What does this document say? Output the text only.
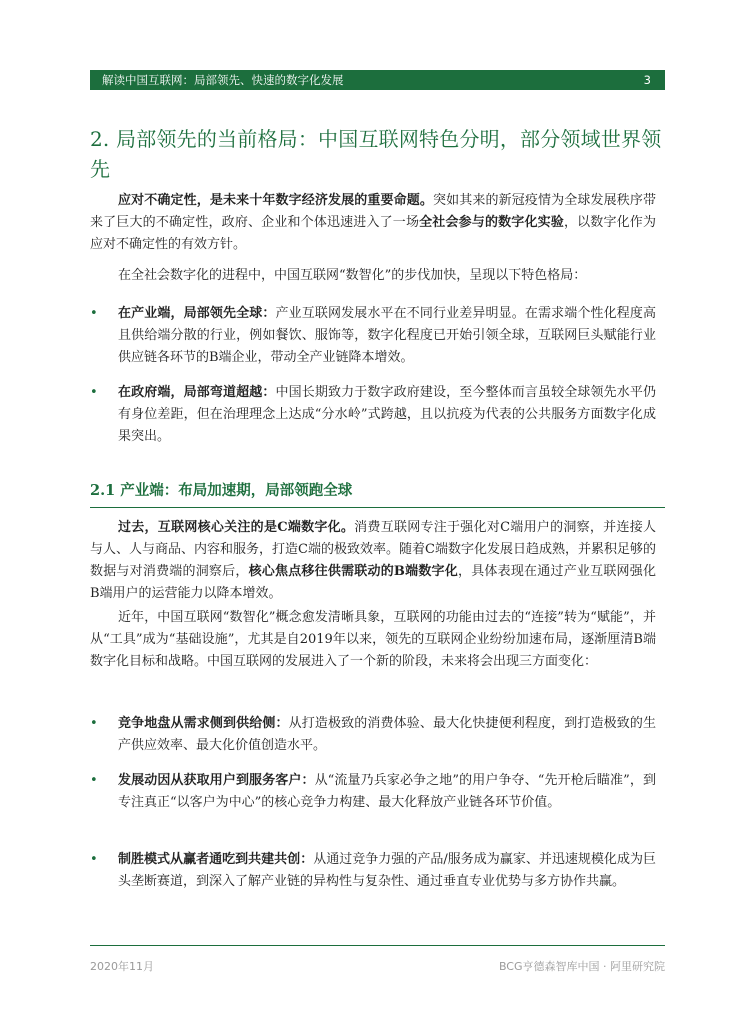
解读中国互联网：局部领先、快速的数字化发展	3
2. 局部领先的当前格局：中国互联网特色分明，部分领域世界领先

应对不确定性，是未来十年数字经济发展的重要命题。突如其来的新冠疫情为全球发展秩序带来了巨大的不确定性，政府、企业和个体迅速进入了一场全社会参与的数字化实验，以数字化作为应对不确定性的有效方针。

在全社会数字化的进程中，中国互联网“数智化”的步伐加快，呈现以下特色格局：

• 在产业端，局部领先全球：产业互联网发展水平在不同行业差异明显。在需求端个性化程度高且供给端分散的行业，例如餐饮、服饰等，数字化程度已开始引领全球，互联网巨头赋能行业供应链各环节的B端企业，带动全产业链降本增效。
• 在政府端，局部弯道超越：中国长期致力于数字政府建设，至今整体而言虽较全球领先水平仍有身位差距，但在治理理念上达成“分水岭”式跨越，且以抗疫为代表的公共服务方面数字化成果突出。
2.1 产业端：布局加速期，局部领跑全球

过去，互联网核心关注的是C端数字化。消费互联网专注于强化对C端用户的洞察，并连接人与人、人与商品、内容和服务，打造C端的极致效率。随着C端数字化发展日趋成熟，并累积足够的数据与对消费端的洞察后，核心焦点移往供需联动的B端数字化，具体表现在通过产业互联网强化B端用户的运营能力以降本增效。

近年，中国互联网“数智化”概念愈发清晰具象，互联网的功能由过去的“连接”转为“赋能”，并从“工具”成为“基础设施”，尤其是自2019年以来，领先的互联网企业纷纷加速布局，逐渐厘清B端数字化目标和战略。中国互联网的发展进入了一个新的阶段，未来将会出现三方面变化：

• 竞争地盘从需求侧到供给侧：从打造极致的消费体验、最大化快捷便利程度，到打造极致的生产供应效率、最大化价值创造水平。
• 发展动因从获取用户到服务客户：从“流量乃兵家必争之地”的用户争夺、“先开枪后瞄准”，到专注真正“以客户为中心”的核心竞争力构建、最大化释放产业链各环节价值。
• 制胜模式从赢者通吃到共建共创：从通过竞争力强的产品/服务成为赢家、并迅速规模化成为巨头垄断赛道，到深入了解产业链的异构性与复杂性、通过垂直专业优势与多方协作共赢。
2020年11月	BCG亨德森智库中国 · 阿里研究院
